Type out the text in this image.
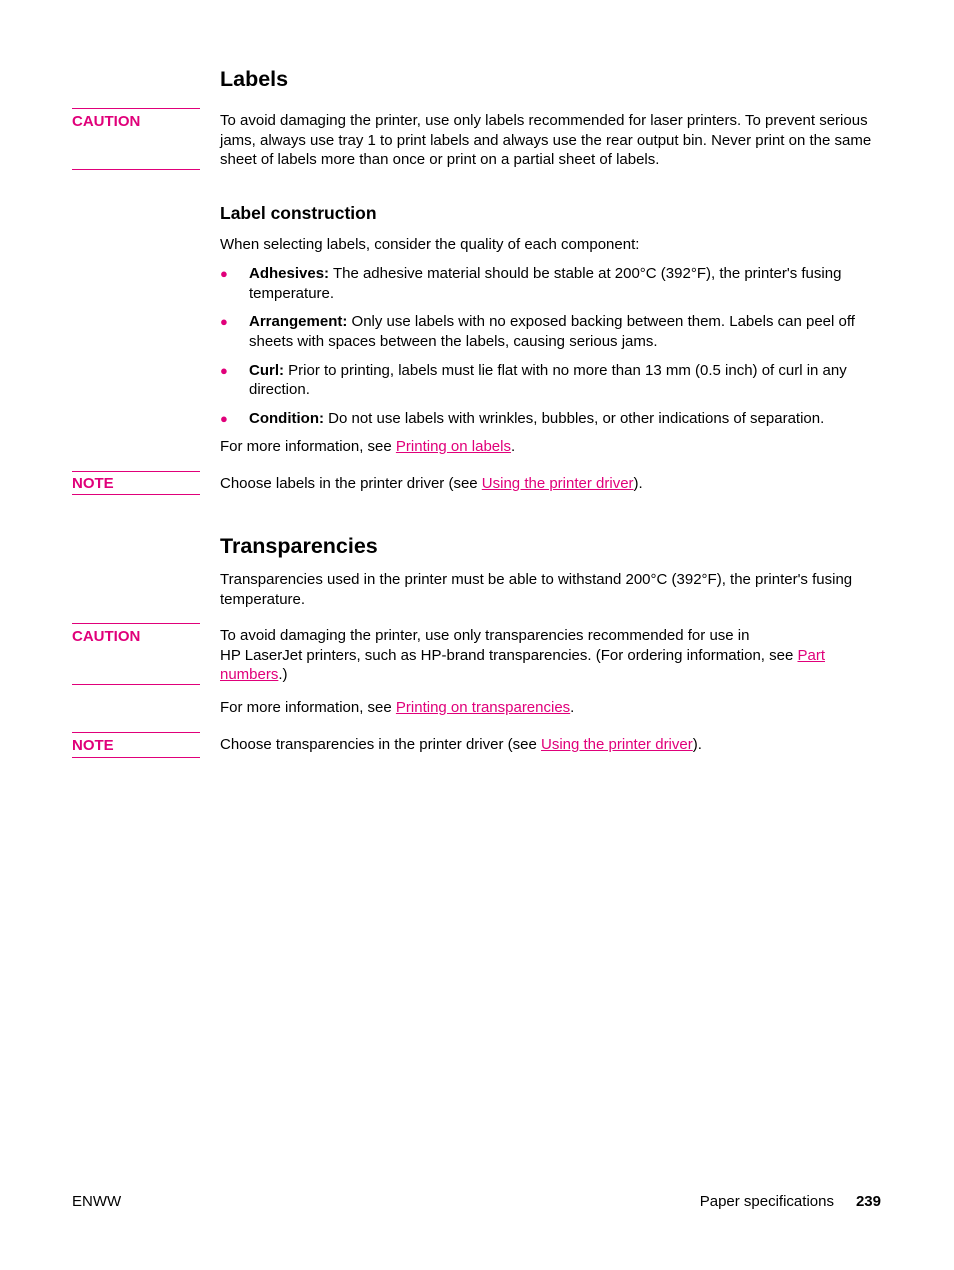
Labels
CAUTION	To avoid damaging the printer, use only labels recommended for laser printers. To prevent serious jams, always use tray 1 to print labels and always use the rear output bin. Never print on the same sheet of labels more than once or print on a partial sheet of labels.

Label construction

When selecting labels, consider the quality of each component:

● Adhesives: The adhesive material should be stable at 200°C (392°F), the printer's fusing temperature.

● Arrangement: Only use labels with no exposed backing between them. Labels can peel off sheets with spaces between the labels, causing serious jams.

● Curl: Prior to printing, labels must lie flat with no more than 13 mm (0.5 inch) of curl in any direction.

● Condition: Do not use labels with wrinkles, bubbles, or other indications of separation.

For more information, see Printing on labels.

NOTE	Choose labels in the printer driver (see Using the printer driver).

Transparencies

Transparencies used in the printer must be able to withstand 200°C (392°F), the printer's fusing temperature.

CAUTION	To avoid damaging the printer, use only transparencies recommended for use in
HP LaserJet printers, such as HP-brand transparencies. (For ordering information, see Part
numbers.)

For more information, see Printing on transparencies.

NOTE	Choose transparencies in the printer driver (see Using the printer driver).

ENWW	Paper specifications 239
